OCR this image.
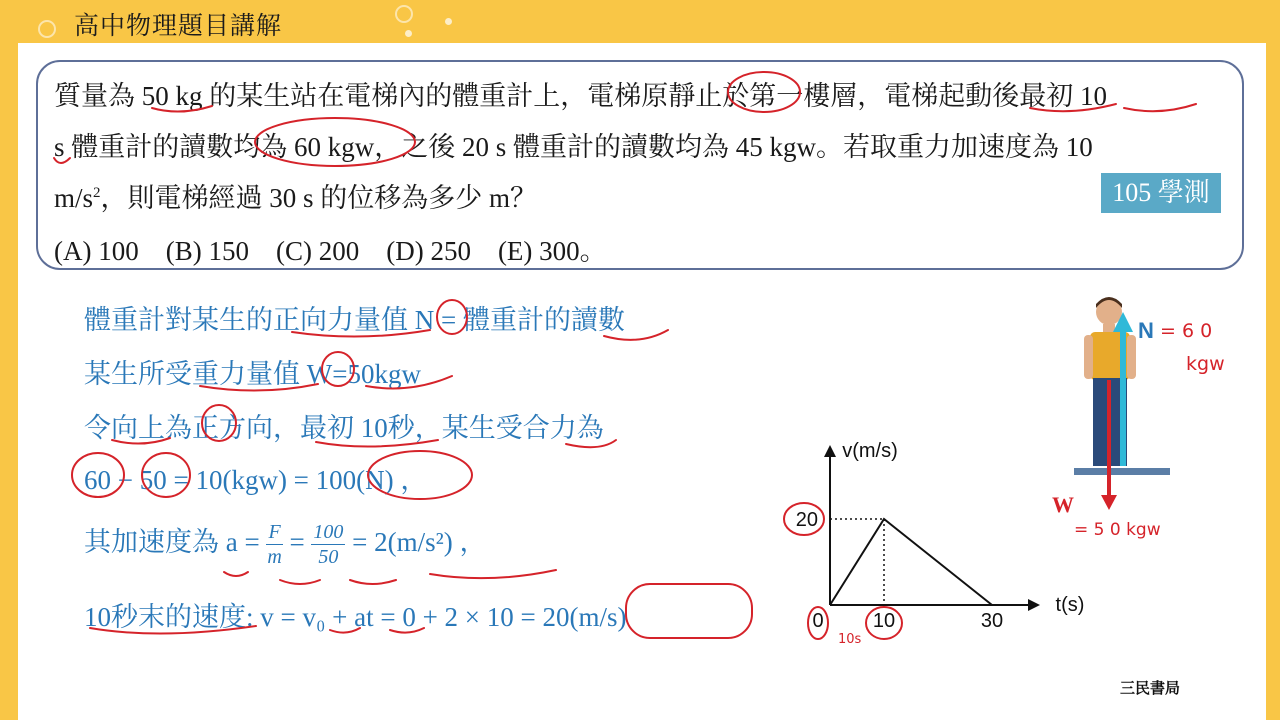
高中物理題目講解
質量為 50 kg 的某生站在電梯內的體重計上，電梯原靜止於第一樓層，電梯起動後最初 10
s 體重計的讀數均為 60 kgw，之後 20 s 體重計的讀數均為 45 kgw。若取重力加速度為 10
$m/s^2$，則電梯經過 30 s 的位移為多少 m？
(A) 100　(B) 150　(C) 200　(D) 250　(E) 300。
105 學測
體重計對某生的正向力量值 N = 體重計的讀數
某生所受重力量值 W=50kgw
令向上為正方向，最初 10秒，某生受合力為
60 − 50 = 10(kgw) = 100(N) ，
其加速度為 $a = \frac{F}{m} = \frac{100}{50} = 2(m/s^2)$ ，
10秒末的速度: v = v₀ + at = 0 + 2 × 10 = 20(m/s)
v(m/s)
t(s)
20
0 10	30
10s
N = 6 0
kgw
W
= 5 0 kgw
三民書局
